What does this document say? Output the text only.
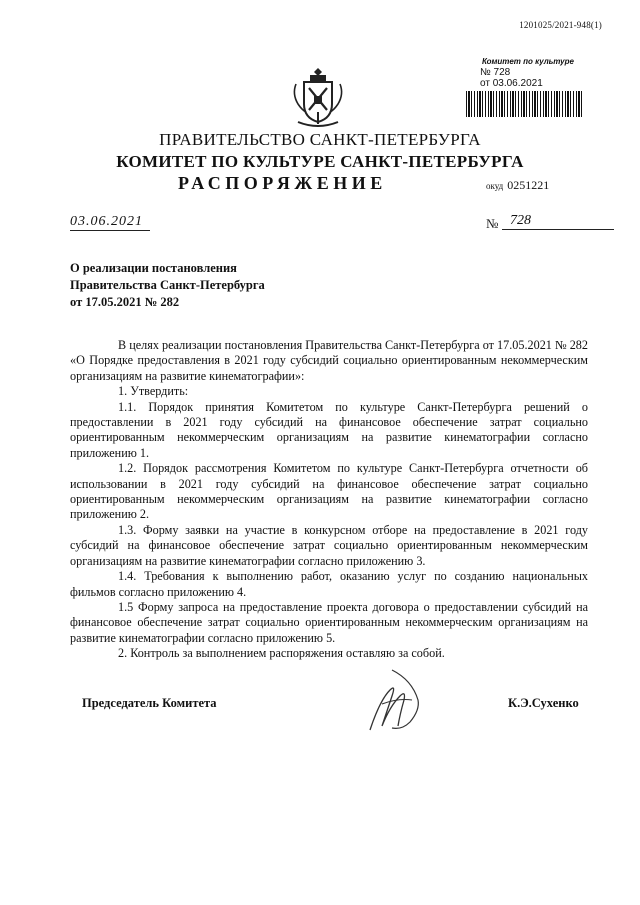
1201025/2021-948(1)
Комитет по культуре
№ 728
от 03.06.2021
ПРАВИТЕЛЬСТВО САНКТ-ПЕТЕРБУРГА
КОМИТЕТ ПО КУЛЬТУРЕ САНКТ-ПЕТЕРБУРГА
РАСПОРЯЖЕНИЕ	окуд 0251221
03.06.2021	№ 728
О реализации постановления
Правительства Санкт-Петербурга
от 17.05.2021 № 282

В целях реализации постановления Правительства Санкт-Петербурга от 17.05.2021 № 282 «О Порядке предоставления в 2021 году субсидий социально ориентированным некоммерческим организациям на развитие кинематографии»:

1. Утвердить:

1.1. Порядок принятия Комитетом по культуре Санкт-Петербурга решений о предоставлении в 2021 году субсидий на финансовое обеспечение затрат социально ориентированным некоммерческим организациям на развитие кинематографии согласно приложению 1.

1.2. Порядок рассмотрения Комитетом по культуре Санкт-Петербурга отчетности об использовании в 2021 году субсидий на финансовое обеспечение затрат социально ориентированным некоммерческим организациям на развитие кинематографии согласно приложению 2.

1.3. Форму заявки на участие в конкурсном отборе на предоставление в 2021 году субсидий на финансовое обеспечение затрат социально ориентированным некоммерческим организациям на развитие кинематографии согласно приложению 3.

1.4. Требования к выполнению работ, оказанию услуг по созданию национальных фильмов согласно приложению 4.

1.5 Форму запроса на предоставление проекта договора о предоставлении субсидий на финансовое обеспечение затрат социально ориентированным некоммерческим организациям на развитие кинематографии согласно приложению 5.

2. Контроль за выполнением распоряжения оставляю за собой.

Председатель Комитета	К.Э.Сухенко
